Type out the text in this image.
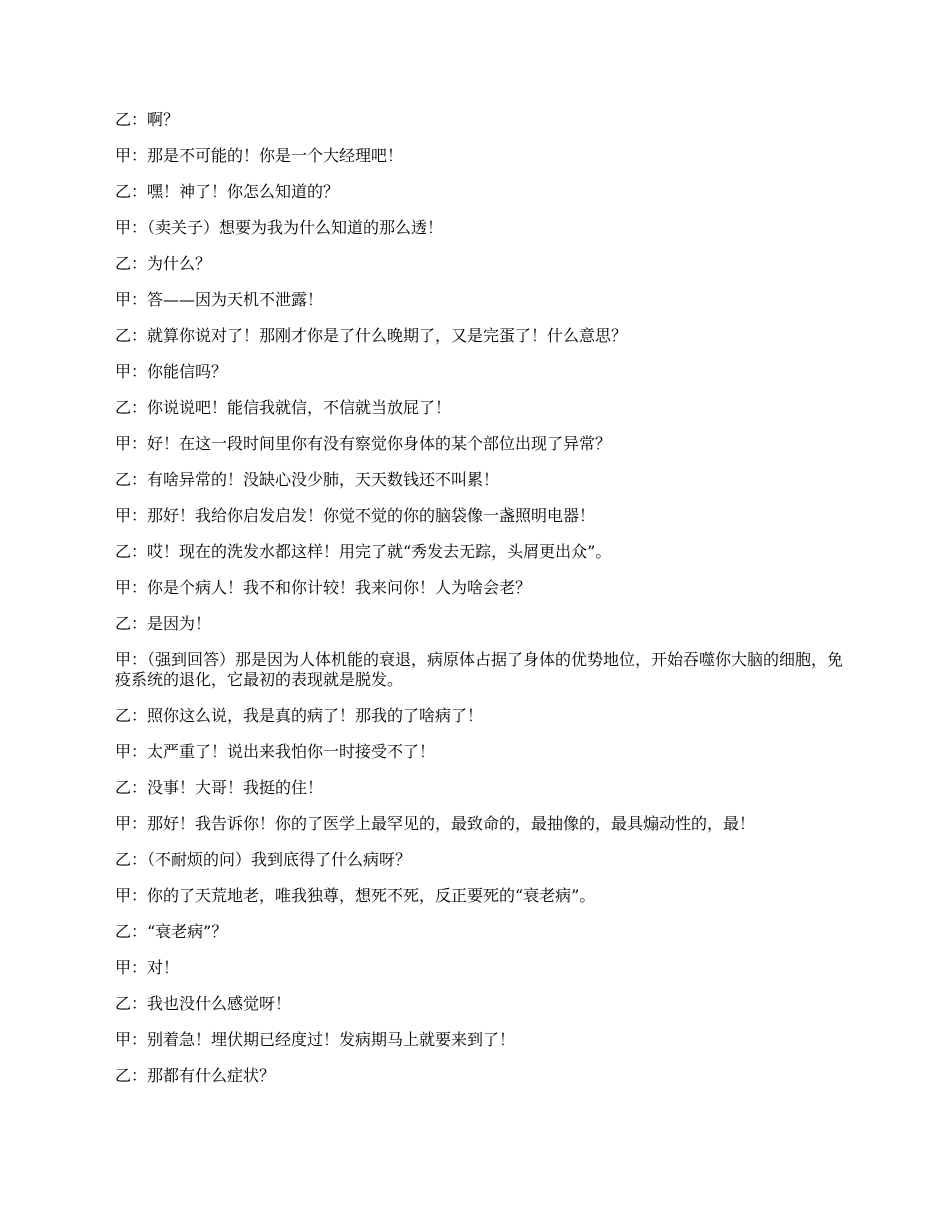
乙：啊？

甲：那是不可能的！你是一个大经理吧！

乙：嘿！神了！你怎么知道的？

甲：（卖关子）想要为我为什么知道的那么透！

乙：为什么？

甲：答——因为天机不泄露！

乙：就算你说对了！那刚才你是了什么晚期了，又是完蛋了！什么意思？

甲：你能信吗？

乙：你说说吧！能信我就信，不信就当放屁了！

甲：好！在这一段时间里你有没有察觉你身体的某个部位出现了异常？

乙：有啥异常的！没缺心没少肺，天天数钱还不叫累！

甲：那好！我给你启发启发！你觉不觉的你的脑袋像一盏照明电器！

乙：哎！现在的洗发水都这样！用完了就“秀发去无踪，头屑更出众”。

甲：你是个病人！我不和你计较！我来问你！人为啥会老？

乙：是因为！

甲：（强到回答）那是因为人体机能的衰退，病原体占据了身体的优势地位，开始吞噬你大脑的细胞，免疫系统的退化，它最初的表现就是脱发。

乙：照你这么说，我是真的病了！那我的了啥病了！

甲：太严重了！说出来我怕你一时接受不了！

乙：没事！大哥！我挺的住！

甲：那好！我告诉你！你的了医学上最罕见的，最致命的，最抽像的，最具煽动性的，最！

乙：（不耐烦的问）我到底得了什么病呀？

甲：你的了天荒地老，唯我独尊，想死不死，反正要死的“衰老病”。

乙：“衰老病”？

甲：对！

乙：我也没什么感觉呀！

甲：别着急！埋伏期已经度过！发病期马上就要来到了！

乙：那都有什么症状？
